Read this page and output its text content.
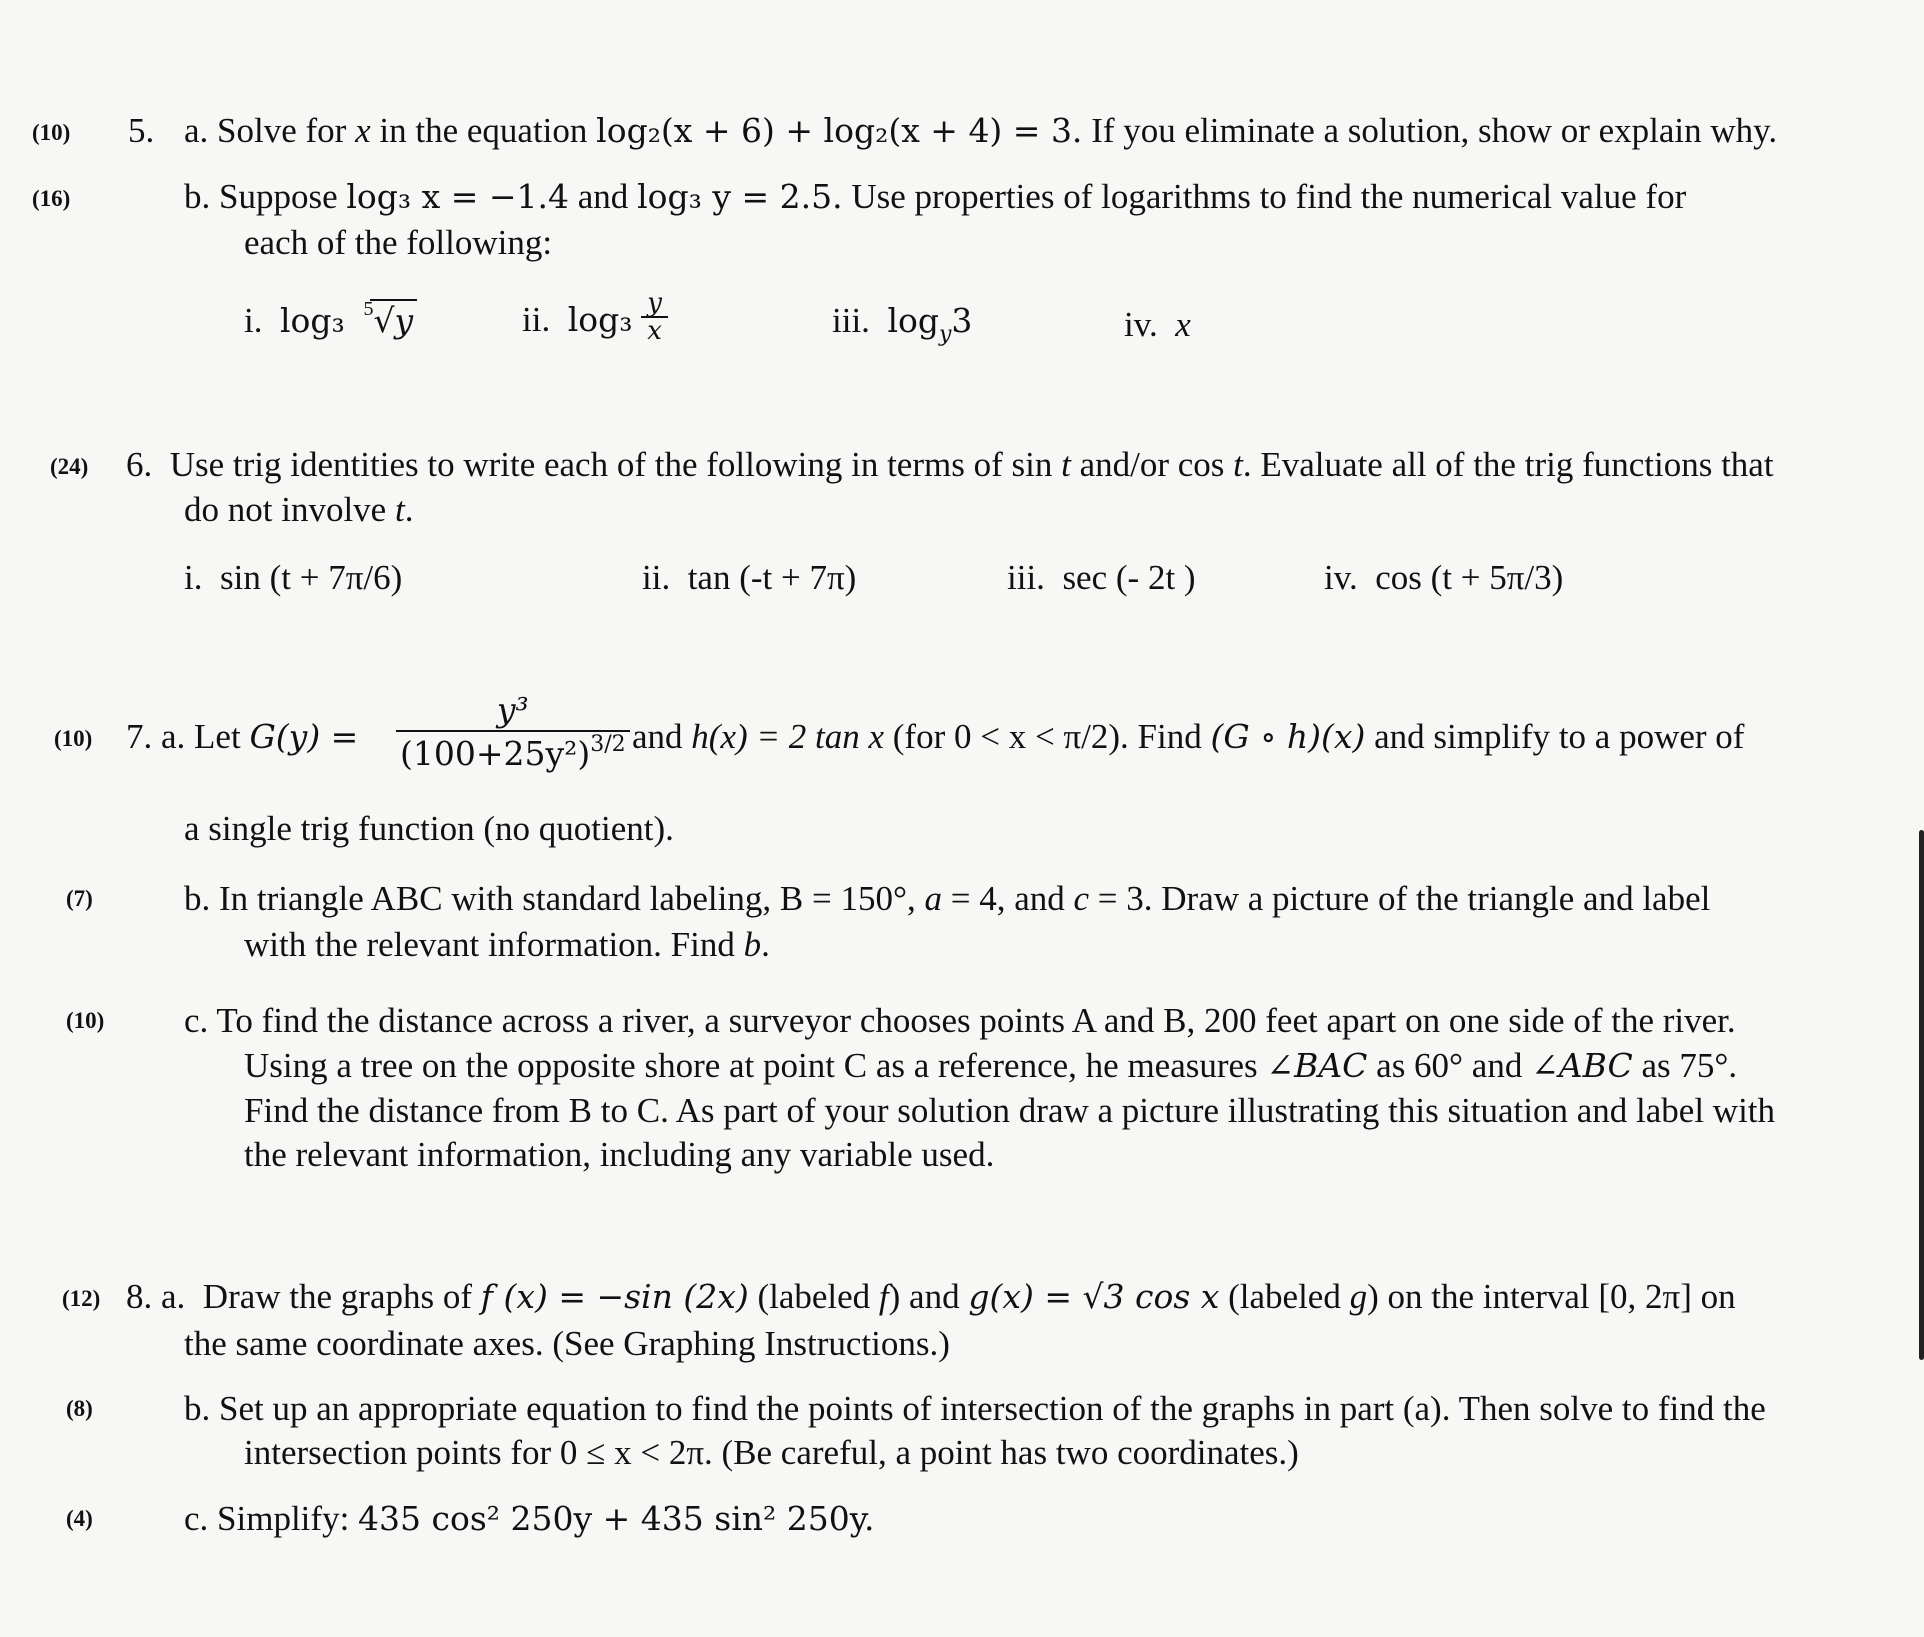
(10) 5. a. Solve for x in the equation log₂(x + 6) + log₂(x + 4) = 3. If you eliminate a solution, show or explain why.
(16)	b. Suppose log₃ x = −1.4 and log₃ y = 2.5. Use properties of logarithms to find the numerical value for
each of the following:
i. log₃ 5 √y	ii. $\log_3 \frac{y}{x}$	iii. $\log_y3$	iv. x
(24) 6. Use trig identities to write each of the following in terms of sin t and/or cos t. Evaluate all of the trig functions that
do not involve t.
i. sin (t + 7π/6)	ii. tan (-t + 7π)	iii. sec (- 2t )	iv. cos (t + 5π/3)
(10) 7. a. Let $G(y) = \frac{\text{y³}}{(100+25y^2)^{3/2}}$ and h(x) = 2 tan x (for 0 < x < π/2). Find (G ∘ h)(x) and simplify to a power of
a single trig function (no quotient).
(7)	b. In triangle ABC with standard labeling, B = 150°, a = 4, and c = 3. Draw a picture of the triangle and label
with the relevant information. Find b.
(10) c. To find the distance across a river, a surveyor chooses points A and B, 200 feet apart on one side of the river.
Using a tree on the opposite shore at point C as a reference, he measures ∠BAC as 60° and ∠ABC as 75°.
Find the distance from B to C. As part of your solution draw a picture illustrating this situation and label with
the relevant information, including any variable used.
(12) 8. a. Draw the graphs of f (x) = −sin (2x) (labeled f) and g(x) = √3 cos x (labeled g) on the interval [0, 2π] on
the same coordinate axes. (See Graphing Instructions.)
(8)	b. Set up an appropriate equation to find the points of intersection of the graphs in part (a). Then solve to find the
intersection points for 0 ≤ x < 2π. (Be careful, a point has two coordinates.)
(4)	c. Simplify: 435 cos² 250y + 435 sin² 250y.
